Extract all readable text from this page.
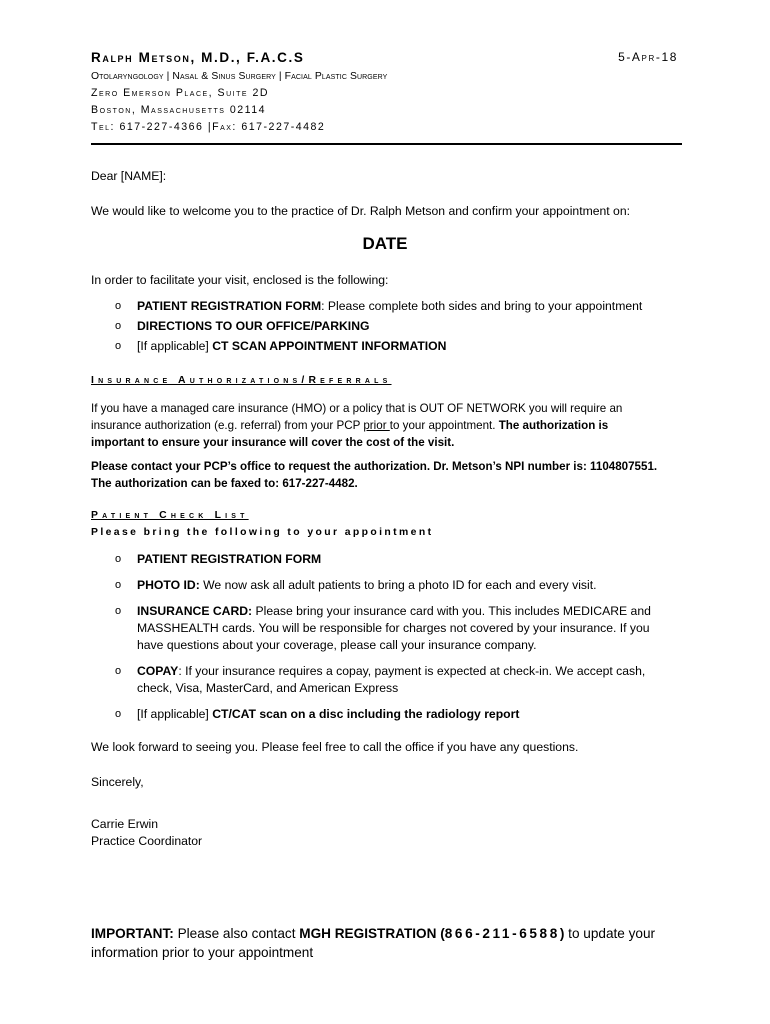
Ralph Metson, M.D., F.A.C.S	5-Apr-18
Otolaryngology | Nasal & Sinus Surgery | Facial Plastic Surgery
Zero Emerson Place, Suite 2D
Boston, Massachusetts 02114
Tel: 617-227-4366 |Fax: 617-227-4482
Dear [NAME]:
We would like to welcome you to the practice of Dr. Ralph Metson and confirm your appointment on:
DATE
In order to facilitate your visit, enclosed is the following:
o PATIENT REGISTRATION FORM: Please complete both sides and bring to your appointment
o DIRECTIONS TO OUR OFFICE/PARKING
o [If applicable] CT SCAN APPOINTMENT INFORMATION
Insurance Authorizations/Referrals
If you have a managed care insurance (HMO) or a policy that is OUT OF NETWORK you will require an
insurance authorization (e.g. referral) from your PCP prior to your appointment. The authorization is
important to ensure your insurance will cover the cost of the visit.
Please contact your PCP’s office to request the authorization. Dr. Metson’s NPI number is: 1104807551.
The authorization can be faxed to: 617-227-4482.
Patient Check List
Please bring the following to your appointment
o PATIENT REGISTRATION FORM
o PHOTO ID: We now ask all adult patients to bring a photo ID for each and every visit.
o INSURANCE CARD: Please bring your insurance card with you. This includes MEDICARE and
MASSHEALTH cards. You will be responsible for charges not covered by your insurance. If you
have questions about your coverage, please call your insurance company.
o COPAY: If your insurance requires a copay, payment is expected at check-in. We accept cash,
check, Visa, MasterCard, and American Express
o [If applicable] CT/CAT scan on a disc including the radiology report
We look forward to seeing you. Please feel free to call the office if you have any questions.
Sincerely,
Carrie Erwin
Practice Coordinator
IMPORTANT: Please also contact MGH REGISTRATION (866-211-6588) to update your information prior to your appointment
